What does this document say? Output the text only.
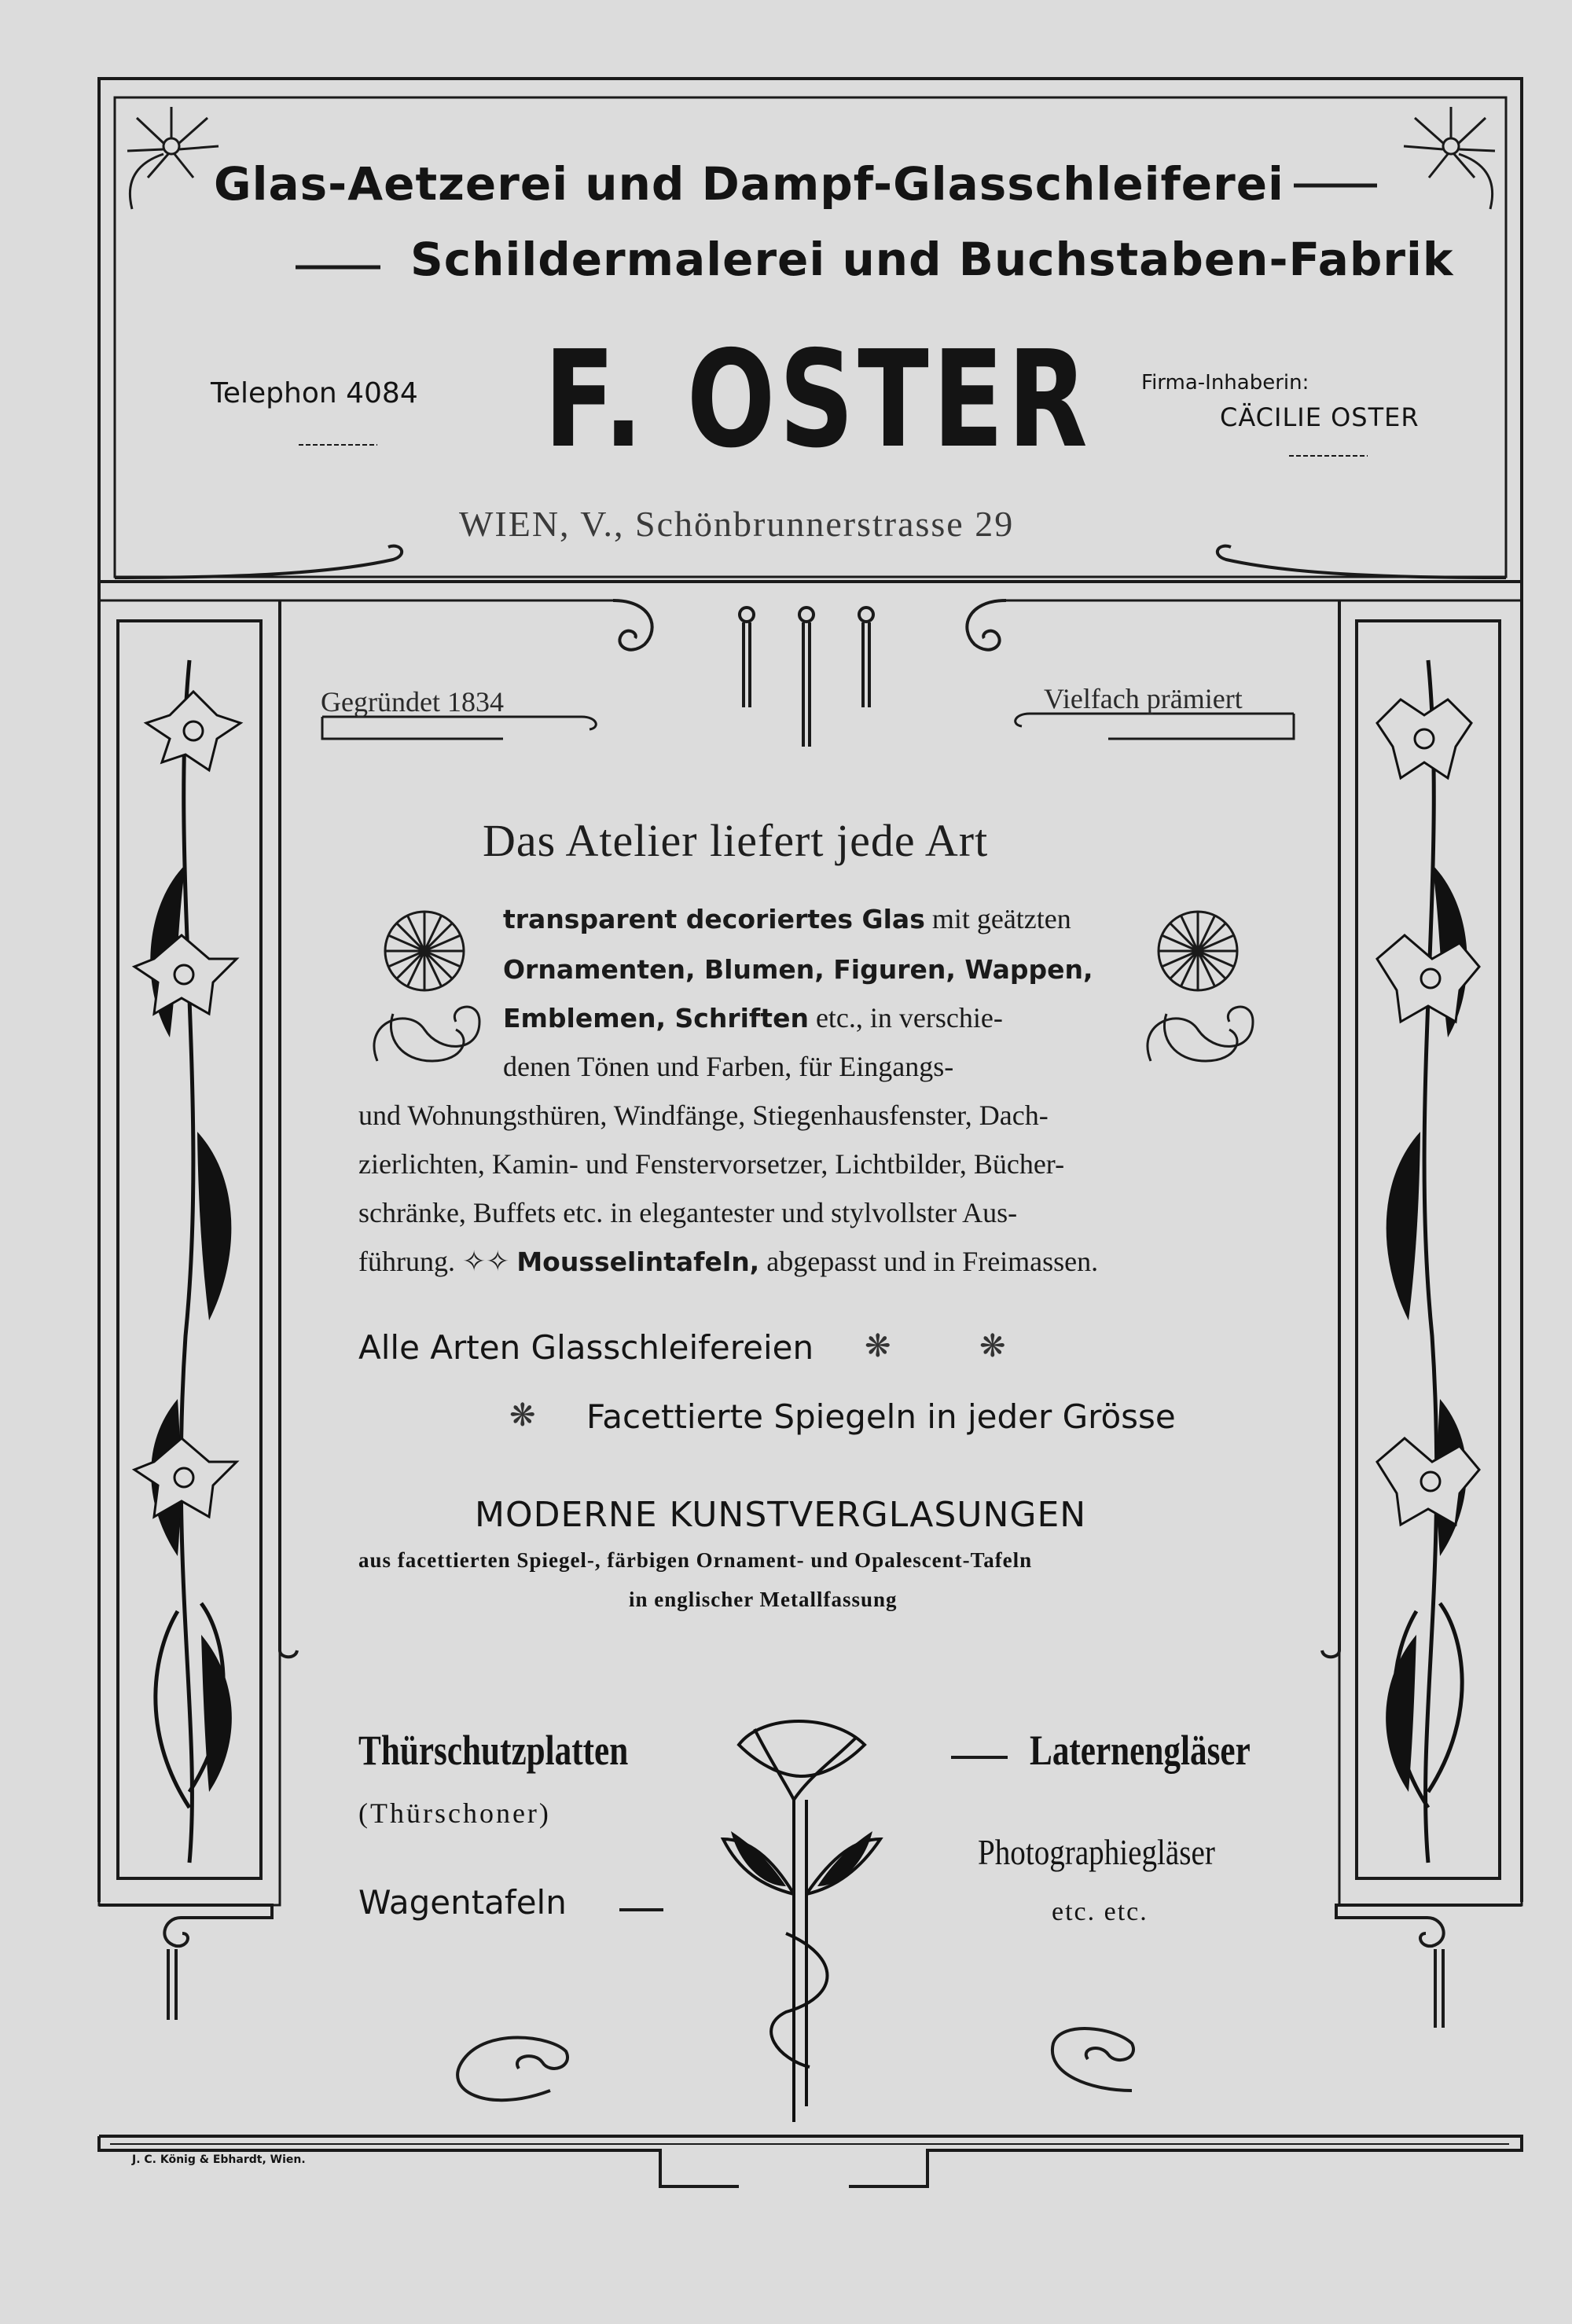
❋	❋
❋

Glas-Aetzerei und Dampf-Glasschleiferei

Schildermalerei und Buchstaben-Fabrik

Telephon 4084 F. OSTER Firma-Inhaberin:

CÄCILIE OSTER

WIEN, V., Schönbrunnerstrasse 29

Gegründet 1834	Vielfach prämiert

Das Atelier liefert jede Art

transparent decoriertes Glas mit geätzten
Ornamenten, Blumen, Figuren, Wappen,
Emblemen, Schriften etc., in verschie-
denen Tönen und Farben, für Eingangs-
und Wohnungsthüren, Windfänge, Stiegenhausfenster, Dach-
zierlichten, Kamin- und Fenstervorsetzer, Lichtbilder, Bücher-
schränke, Buffets etc. in elegantester und stylvollster Aus-
führung. ✧✧ Mousselintafeln, abgepasst und in Freimassen.

Alle Arten Glasschleifereien

Facettierte Spiegeln in jeder Grösse

MODERNE KUNSTVERGLASUNGEN

aus facettierten Spiegel-, färbigen Ornament- und Opalescent-Tafeln

in englischer Metallfassung

Thürschutzplatten

(Thürschoner)

Wagentafeln

Laternengläser

Photographiegläser

etc. etc.

J. C. König & Ebhardt, Wien.
